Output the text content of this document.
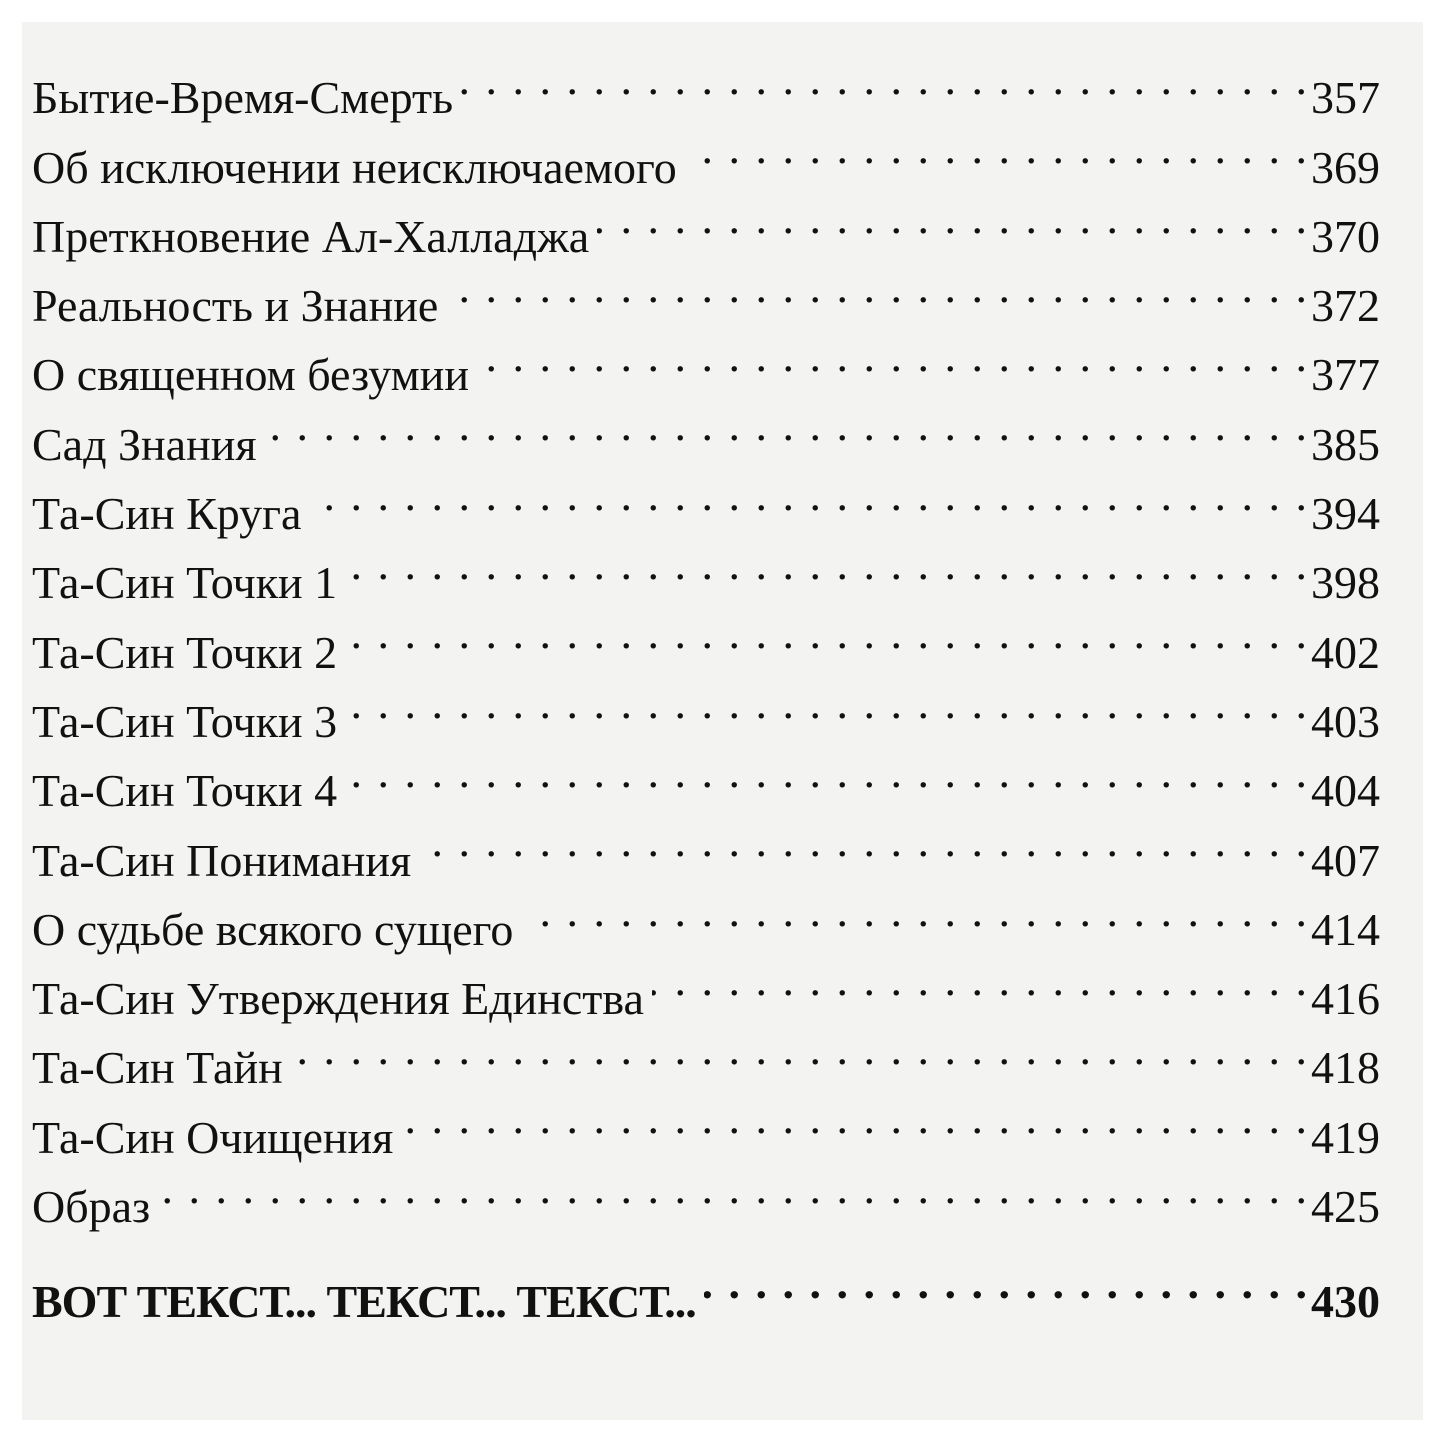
Бытие-Время-Смерть . . .	357
Об исключении неисключаемого . . .	369
Преткновение Ал-Халладжа . . .	370
Реальность и Знание . . .	372
О священном безумии . . .	377
Сад Знания . . .	385
Та-Син Круга . . .	394
Та-Син Точки 1 . . .	398
Та-Син Точки 2 . . .	402
Та-Син Точки 3 . . .	403
Та-Син Точки 4 . . .	404
Та-Син Понимания . . .	407
О судьбе всякого сущего . . .	414
Та-Син Утверждения Единства . . .	416
Та-Син Тайн . . .	418
Та-Син Очищения . . .	419
Образ . . .	425
ВОТ ТЕКСТ... ТЕКСТ... ТЕКСТ... . . .	430
